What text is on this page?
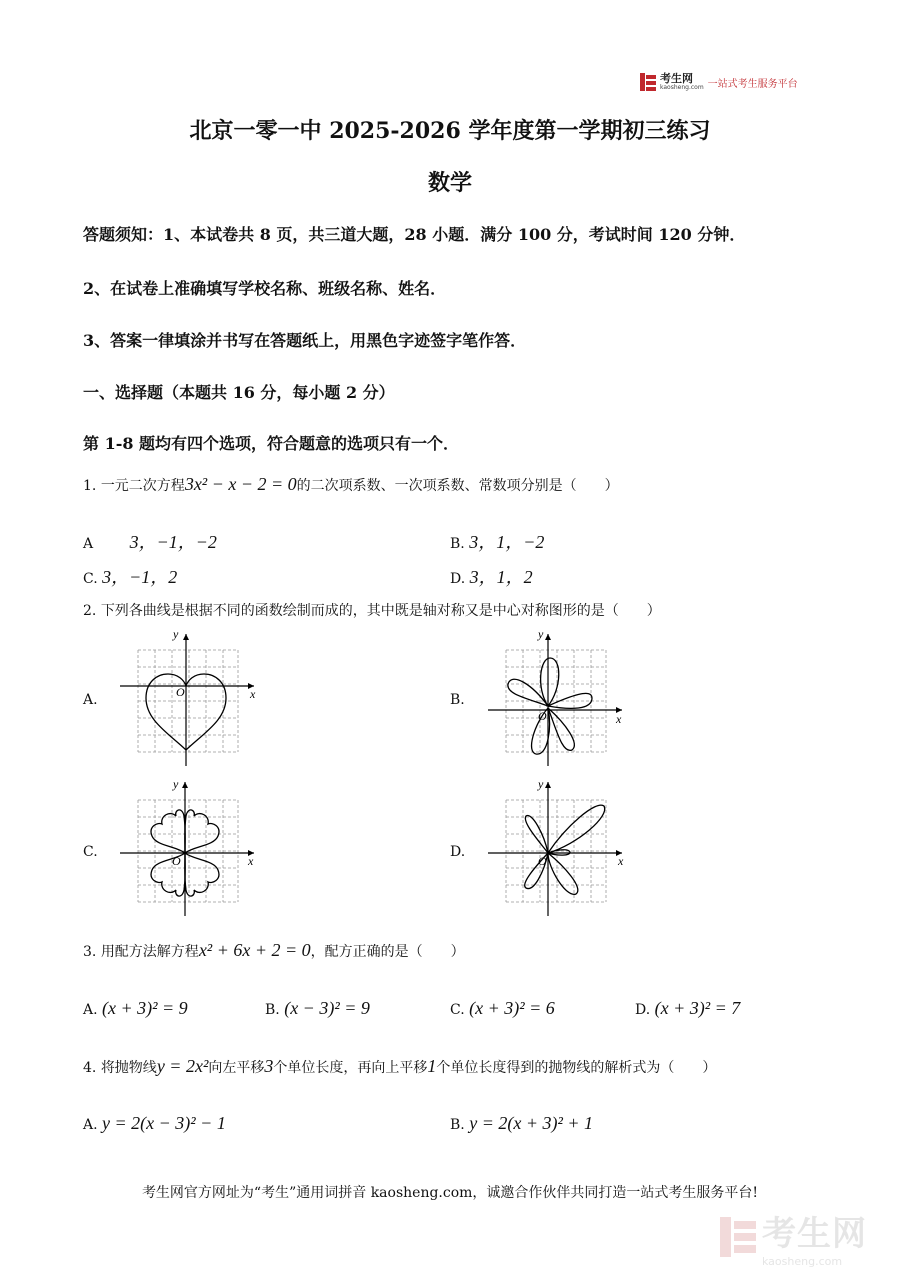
考生网
kaosheng.com 一站式考生服务平台
北京一零一中 2025-2026 学年度第一学期初三练习
数学
答题须知：1、本试卷共 8 页，共三道大题，28 小题．满分 100 分，考试时间 120 分钟．
2、在试卷上准确填写学校名称、班级名称、姓名．
3、答案一律填涂并书写在答题纸上，用黑色字迹签字笔作答．
一、选择题（本题共 16 分，每小题 2 分）
第 1-8 题均有四个选项，符合题意的选项只有一个．
1. 一元二次方程3x² − x − 2 = 0的二次项系数、一次项系数、常数项分别是（　　）
A 3，−1，−2	B. 3，1，−2
C. 3，−1，2	D. 3，1，2
2. 下列各曲线是根据不同的函数绘制而成的，其中既是轴对称又是中心对称图形的是（　　）
A.	B.
C.	D.
O	x
y
O	x
y
O	x
y
O	x
y
3. 用配方法解方程x² + 6x + 2 = 0，配方正确的是（　　）
A. (x + 3)² = 9	B. (x − 3)² = 9	C. (x + 3)² = 6	D. (x + 3)² = 7
4. 将抛物线y = 2x²向左平移3个单位长度，再向上平移1个单位长度得到的抛物线的解析式为（　　）
A. y = 2(x − 3)² − 1	B. y = 2(x + 3)² + 1
考生网官方网址为“考生”通用词拼音 kaosheng.com，诚邀合作伙伴共同打造一站式考生服务平台!
考生网
kaosheng.com
